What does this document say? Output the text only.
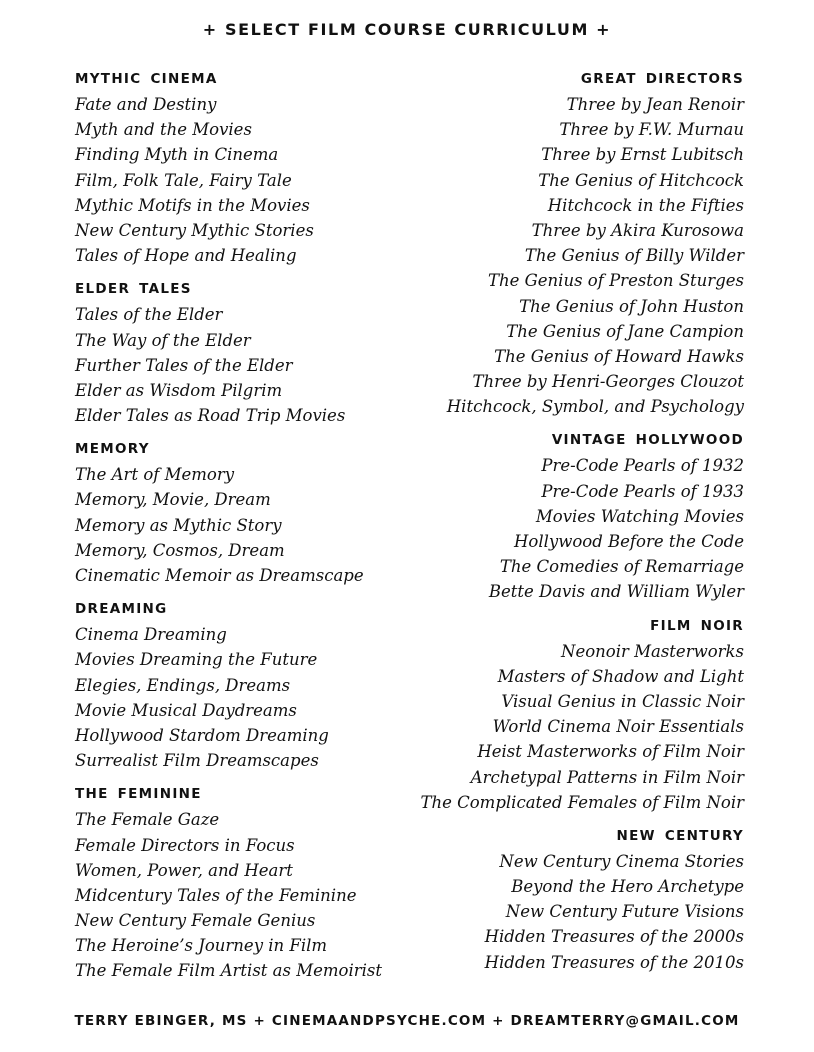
+ SELECT FILM COURSE CURRICULUM +
MYTHIC CINEMA
Fate and Destiny
Myth and the Movies
Finding Myth in Cinema
Film, Folk Tale, Fairy Tale
Mythic Motifs in the Movies
New Century Mythic Stories
Tales of Hope and Healing
ELDER TALES
Tales of the Elder
The Way of the Elder
Further Tales of the Elder
Elder as Wisdom Pilgrim
Elder Tales as Road Trip Movies
MEMORY
The Art of Memory
Memory, Movie, Dream
Memory as Mythic Story
Memory, Cosmos, Dream
Cinematic Memoir as Dreamscape
DREAMING
Cinema Dreaming
Movies Dreaming the Future
Elegies, Endings, Dreams
Movie Musical Daydreams
Hollywood Stardom Dreaming
Surrealist Film Dreamscapes
THE FEMININE
The Female Gaze
Female Directors in Focus
Women, Power, and Heart
Midcentury Tales of the Feminine
New Century Female Genius
The Heroine’s Journey in Film
The Female Film Artist as Memoirist
GREAT DIRECTORS
Three by Jean Renoir
Three by F.W. Murnau
Three by Ernst Lubitsch
The Genius of Hitchcock
Hitchcock in the Fifties
Three by Akira Kurosowa
The Genius of Billy Wilder
The Genius of Preston Sturges
The Genius of John Huston
The Genius of Jane Campion
The Genius of Howard Hawks
Three by Henri-Georges Clouzot
Hitchcock, Symbol, and Psychology
VINTAGE HOLLYWOOD
Pre-Code Pearls of 1932
Pre-Code Pearls of 1933
Movies Watching Movies
Hollywood Before the Code
The Comedies of Remarriage
Bette Davis and William Wyler
FILM NOIR
Neonoir Masterworks
Masters of Shadow and Light
Visual Genius in Classic Noir
World Cinema Noir Essentials
Heist Masterworks of Film Noir
Archetypal Patterns in Film Noir
The Complicated Females of Film Noir
NEW CENTURY
New Century Cinema Stories
Beyond the Hero Archetype
New Century Future Visions
Hidden Treasures of the 2000s
Hidden Treasures of the 2010s
TERRY EBINGER, MS + CINEMAANDPSYCHE.COM + DREAMTERRY@GMAIL.COM
